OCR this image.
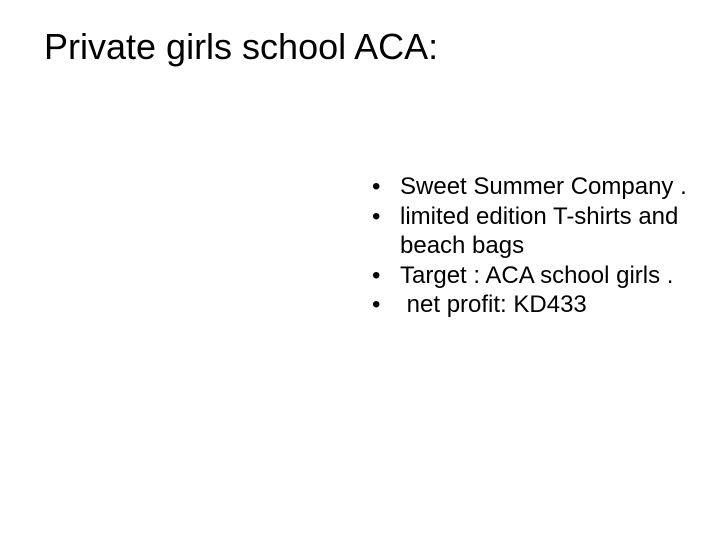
Private girls school ACA:
• Sweet Summer Company .
• limited edition T-shirts and beach bags
• Target : ACA school girls .
• net profit: KD433
